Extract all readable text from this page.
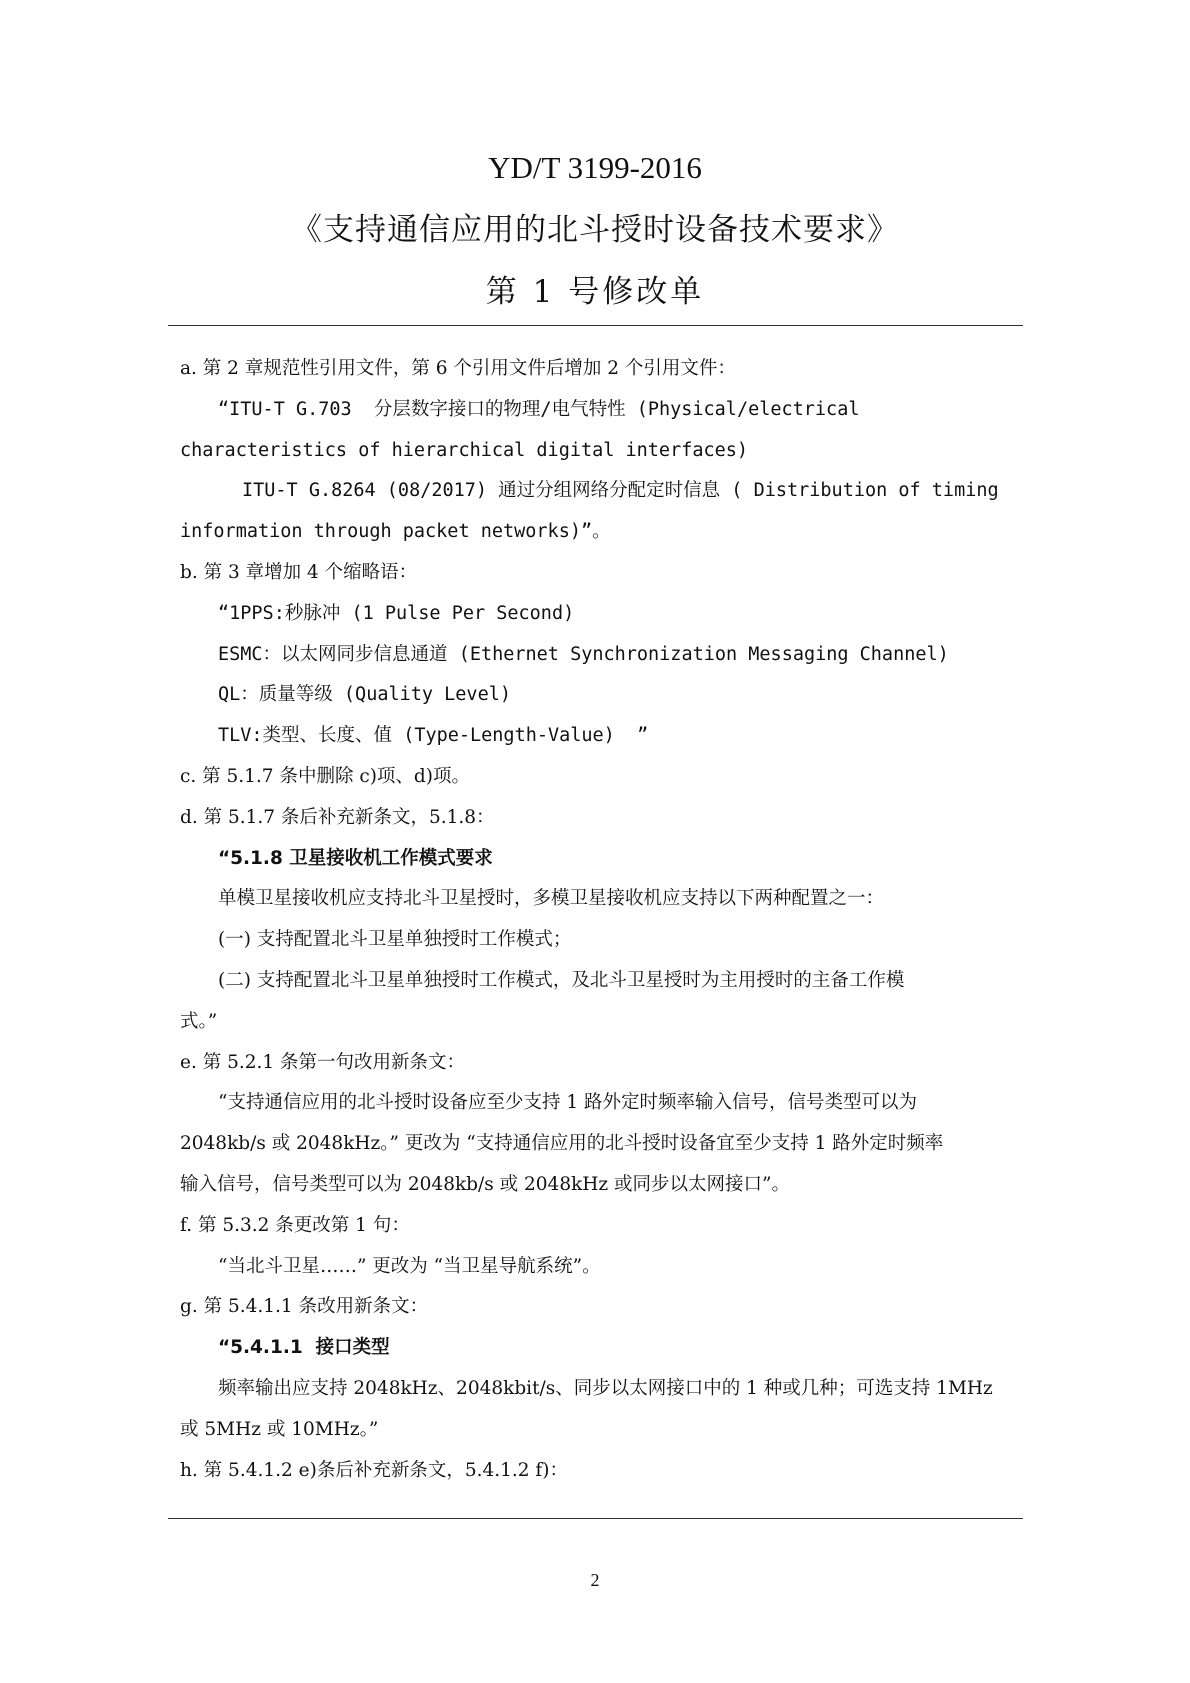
YD/T 3199-2016
《支持通信应用的北斗授时设备技术要求》
第 1 号修改单
a. 第 2 章规范性引用文件，第 6 个引用文件后增加 2 个引用文件：
“ITU-T G.703  分层数字接口的物理/电气特性 (Physical/electrical
characteristics of hierarchical digital interfaces)
ITU-T G.8264 (08/2017) 通过分组网络分配定时信息 ( Distribution of timing
information through packet networks)”。
b. 第 3 章增加 4 个缩略语：
“1PPS:秒脉冲 (1 Pulse Per Second)
ESMC：以太网同步信息通道 (Ethernet Synchronization Messaging Channel)
QL：质量等级 (Quality Level)
TLV:类型、长度、值 (Type-Length-Value)  ”
c. 第 5.1.7 条中删除 c)项、d)项。
d. 第 5.1.7 条后补充新条文，5.1.8：
“5.1.8 卫星接收机工作模式要求
单模卫星接收机应支持北斗卫星授时，多模卫星接收机应支持以下两种配置之一：
(一) 支持配置北斗卫星单独授时工作模式；
(二) 支持配置北斗卫星单独授时工作模式，及北斗卫星授时为主用授时的主备工作模
式。”
e. 第 5.2.1 条第一句改用新条文：
“支持通信应用的北斗授时设备应至少支持 1 路外定时频率输入信号，信号类型可以为
2048kb/s 或 2048kHz。” 更改为 “支持通信应用的北斗授时设备宜至少支持 1 路外定时频率
输入信号，信号类型可以为 2048kb/s 或 2048kHz 或同步以太网接口”。
f. 第 5.3.2 条更改第 1 句：
“当北斗卫星……” 更改为 “当卫星导航系统”。
g. 第 5.4.1.1 条改用新条文：
“5.4.1.1  接口类型
频率输出应支持 2048kHz、2048kbit/s、同步以太网接口中的 1 种或几种；可选支持 1MHz
或 5MHz 或 10MHz。”
h. 第 5.4.1.2 e)条后补充新条文，5.4.1.2 f)：
2
